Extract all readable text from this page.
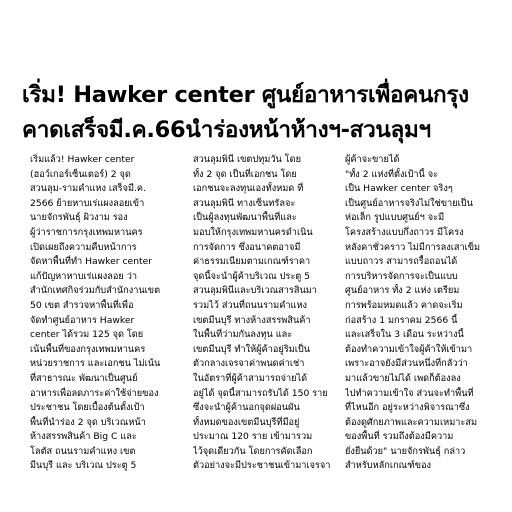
เริ่ม! Hawker center ศูนย์อาหารเพื่อคนกรุง
คาดเสร็จมี.ค.66นำร่องหน้าห้างฯ-สวนลุมฯ
เริ่มแล้ว! Hawker center
(ฮอว์เกอร์เซ็นเตอร์) 2 จุด
สวนลุม-รามคำแหง เสร็จมี.ค.
2566 ย้ายหาบเร่แผงลอยเข้า
นายจักรพันธุ์ ผิวงาม รอง
ผู้ว่าราชการกรุงเทพมหานคร
เปิดเผยถึงความคืบหน้าการ
จัดหาพื้นที่ทำ Hawker center
แก้ปัญหาหาบเร่แผงลอย ว่า
สำนักเทศกิจร่วมกับสำนักงานเขต
50 เขต สำรวจหาพื้นที่เพื่อ
จัดทำศูนย์อาหาร Hawker
center ได้รวม 125 จุด โดย
เน้นพื้นที่ของกรุงเทพมหานคร
หน่วยราชการ และเอกชน ไม่เน้น
ที่สาธารณะ พัฒนาเป็นศูนย์
อาหารเพื่อลดภาระค่าใช้จ่ายของ
ประชาชน โดยเบื้องต้นตั้งเป้า
พื้นที่นำร่อง 2 จุด บริเวณหน้า
ห้างสรรพสินค้า Big C และ
โลตัส ถนนรามคำแหง เขต
มีนบุรี และ บริเวณ ประตู 5
สวนลุมพินี เขตปทุมวัน โดย
ทั้ง 2 จุด เป็นที่เอกชน โดย
เอกชนจะลงทุนเองทั้งหมด ที่
สวนลุมพินี ทางเซ็นทรัลจะ
เป็นผู้ลงทุนพัฒนาพื้นที่และ
มอบให้กรุงเทพมหานครดำเนิน
การจัดการ ซึ่งอนาคตอาจมี
ค่าธรรมเนียมตามเกณฑ์ราคา
จุดนี้จะนำผู้ค้าบริเวณ ประตู 5
สวนลุมพินีและบริเวณสารสินมา
รวมไว้ ส่วนที่ถนนรามคำแหง
เขตมีนบุรี ทางห้างสรรพสินค้า
ในพื้นที่ว่ามกันลงทุน และ
เขตมีนบุรี ทำให้ผู้ค้าอยู่ริมเป็น
ตัวกลางเจรจาค่าพนดค่าเช่า
ในอัตราที่ผู้ค้าสามารถจ่ายได้
อยู่ได้ จุดนี้สามารถรับได้ 150 ราย
ซึ่งจะนำผู้ค้านอกจุดผ่อนผัน
ทั้งหมดของเขตมีนบุรีที่มีอยู่
ประมาณ 120 ราย เข้ามารวม
ไว้จุดเดียวกัน โดยการคัดเลือก
ตัวอย่างจะมีประชาชนเข้ามาเจรจา
ผู้ค้าจะขายได้
"ทั้ง 2 แห่งที่ตั้งเป้านี้ จะ
เป็น Hawker center จริงๆ
เป็นศูนย์อาหารจริงไม่ใช่ขายเป็น
ห่อเล็ก รูปแบบศูนย์ฯ จะมี
โครงสร้างแบบกึ่งถาวร มีโครง
หลังคาชั่วคราว ไม่มีการลงเสาเข็ม
แบบถาวร สามารถรื้อถอนได้
การบริหารจัดการจะเป็นแบบ
ศูนย์อาหาร ทั้ง 2 แห่ง เตรียม
การพร้อมหมดแล้ว คาดจะเริ่ม
ก่อสร้าง 1 มกราคม 2566 นี้
และเสร็จใน 3 เดือน ระหว่างนี้
ต้องทำความเข้าใจผู้ค้าให้เข้ามา
เพราะอาจยังมีส่วนหนึ่งที่กลัวว่า
มาแล้วขายไม่ได้ เพดก็ต้องลง
ไปทำความเข้าใจ ส่วนจะทำพื้นที่
ที่ไหนอีก อยู่ระหว่างพิจารณาซึ่ง
ต้องดูศักยภาพและความเหมาะสม
ของพื้นที่ รวมถึงต้องมีความ
ยั่งยืนด้วย" นายจักรพันธุ์ กล่าว
สำหรับหลักเกณฑ์ของ
